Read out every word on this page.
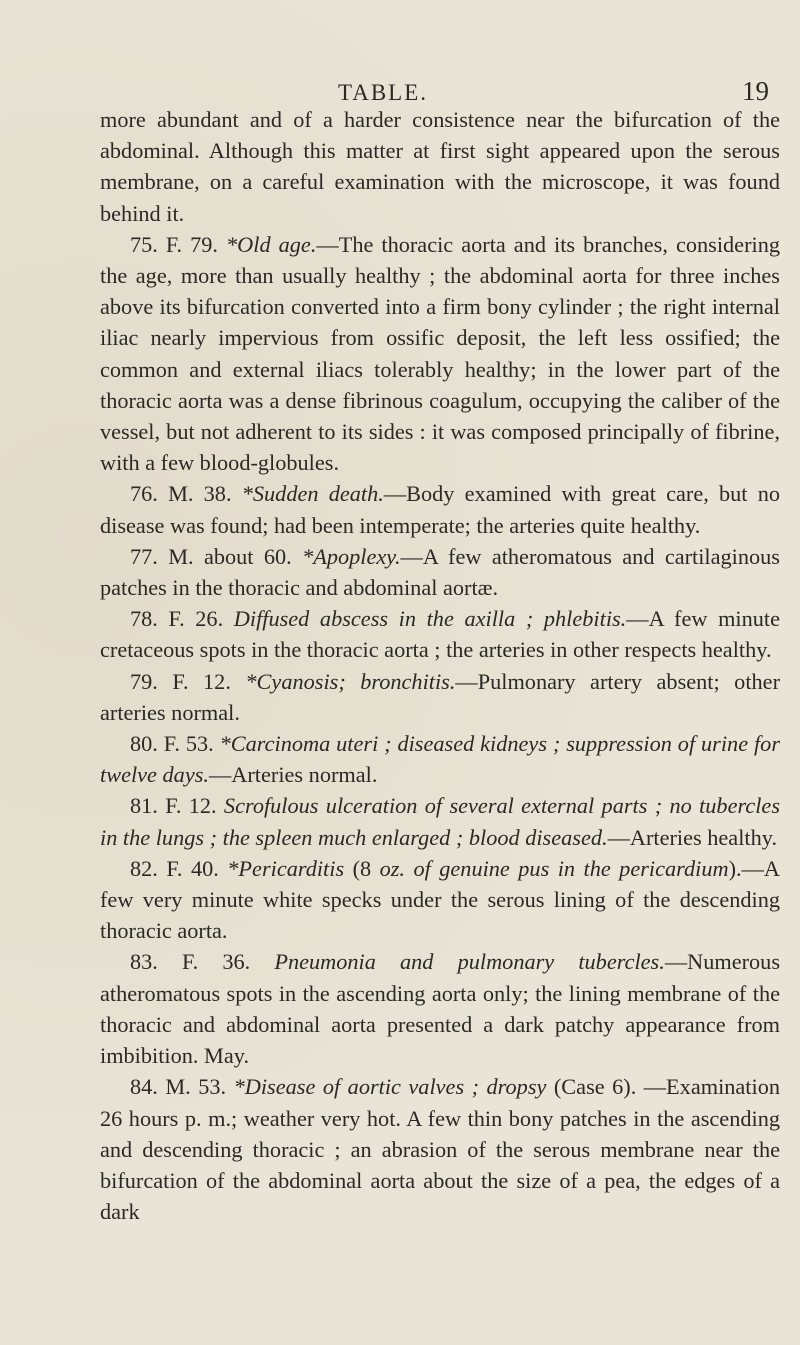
TABLE.	19

more abundant and of a harder consistence near the bifurcation of the abdominal. Although this matter at first sight appeared upon the serous membrane, on a careful examination with the microscope, it was found behind it.

75. F. 79. *Old age.—The thoracic aorta and its branches, considering the age, more than usually healthy ; the abdominal aorta for three inches above its bifurcation converted into a firm bony cylinder ; the right internal iliac nearly impervious from ossific deposit, the left less ossified; the common and external iliacs tolerably healthy; in the lower part of the thoracic aorta was a dense fibrinous coagulum, occupying the caliber of the vessel, but not adherent to its sides : it was composed principally of fibrine, with a few blood-globules.

76. M. 38. *Sudden death.—Body examined with great care, but no disease was found; had been intemperate; the arteries quite healthy.

77. M. about 60. *Apoplexy.—A few atheromatous and cartilaginous patches in the thoracic and abdominal aortæ.

78. F. 26. Diffused abscess in the axilla ; phlebitis.—A few minute cretaceous spots in the thoracic aorta ; the arteries in other respects healthy.

79. F. 12. *Cyanosis; bronchitis.—Pulmonary artery absent; other arteries normal.

80. F. 53. *Carcinoma uteri ; diseased kidneys ; suppression of urine for twelve days.—Arteries normal.

81. F. 12. Scrofulous ulceration of several external parts ; no tubercles in the lungs ; the spleen much enlarged ; blood diseased.—Arteries healthy.

82. F. 40. *Pericarditis (8 oz. of genuine pus in the pericardium).—A few very minute white specks under the serous lining of the descending thoracic aorta.

83. F. 36. Pneumonia and pulmonary tubercles.—Numerous atheromatous spots in the ascending aorta only; the lining membrane of the thoracic and abdominal aorta presented a dark patchy appearance from imbibition. May.

84. M. 53. *Disease of aortic valves ; dropsy (Case 6). —Examination 26 hours p. m.; weather very hot. A few thin bony patches in the ascending and descending thoracic ; an abrasion of the serous membrane near the bifurcation of the abdominal aorta about the size of a pea, the edges of a dark
